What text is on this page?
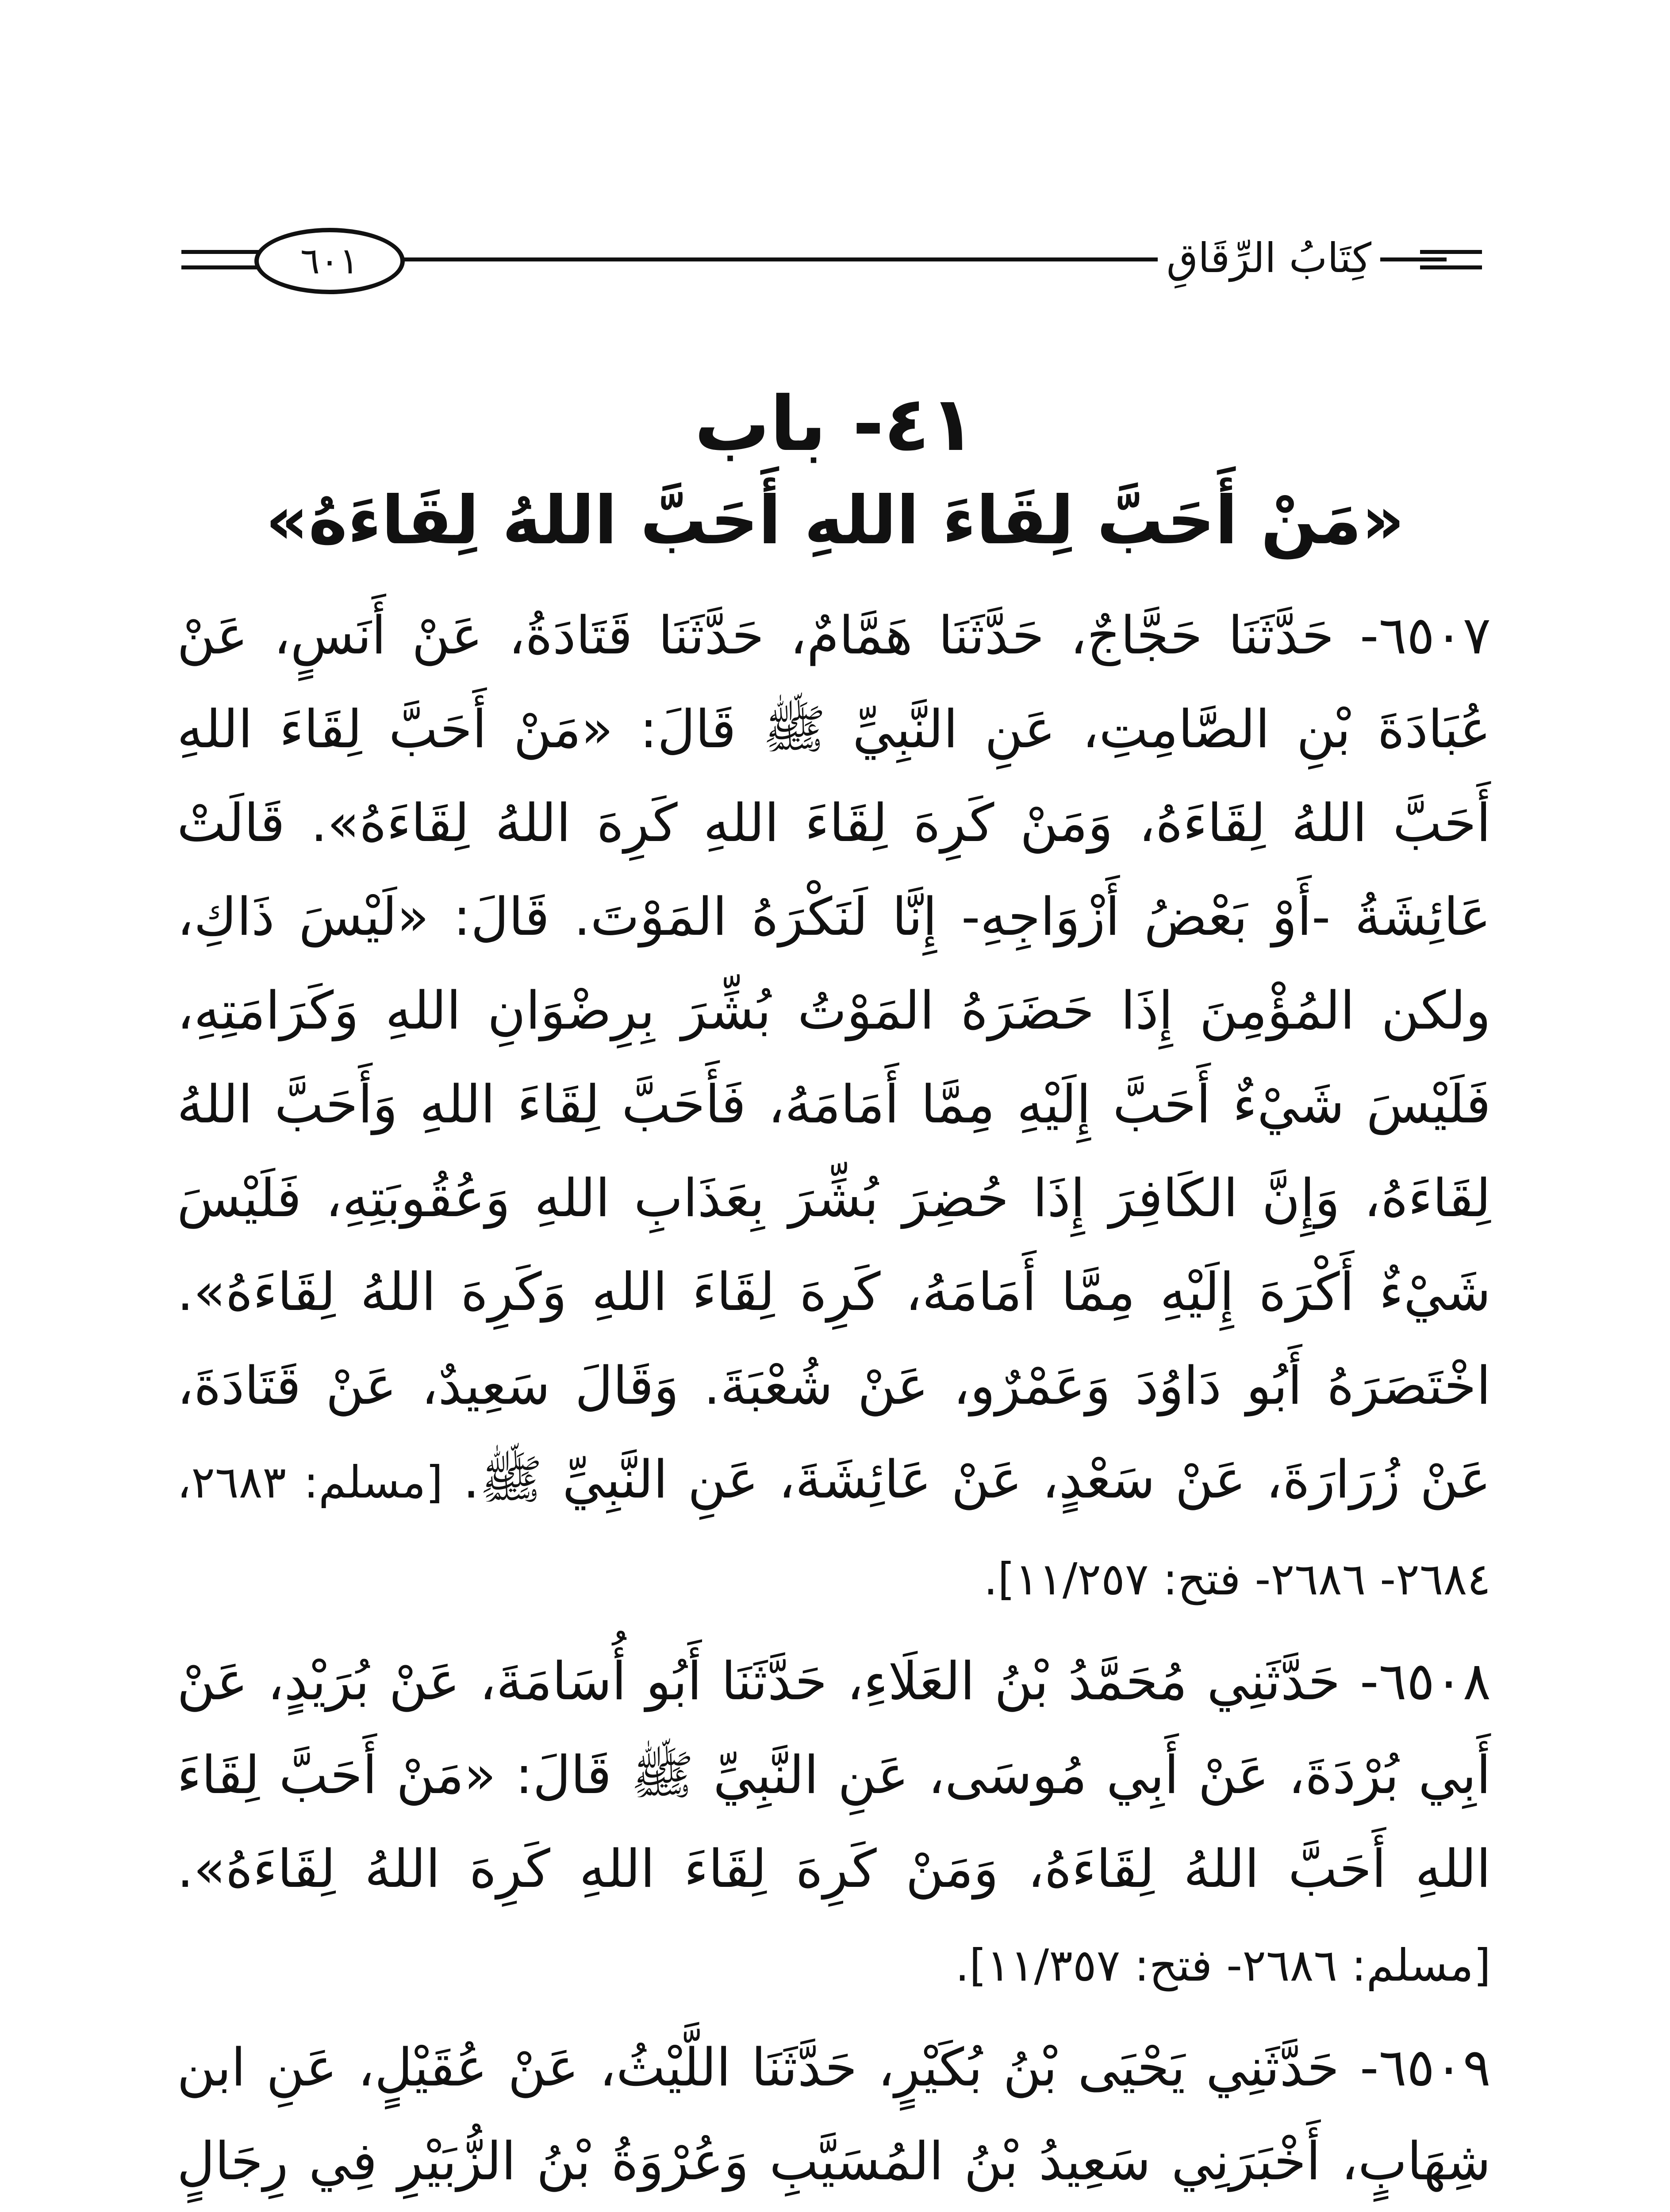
٦٠١	كِتَابُ الرِّقَاقِ
٤١- باب
«مَنْ أَحَبَّ لِقَاءَ اللهِ أَحَبَّ اللهُ لِقَاءَهُ»

٦٥٠٧- حَدَّثَنَا حَجَّاجٌ، حَدَّثَنَا هَمَّامٌ، حَدَّثَنَا قَتَادَةُ، عَنْ أَنَسٍ، عَنْ عُبَادَةَ بْنِ الصَّامِتِ، عَنِ النَّبِيِّ ﷺ قَالَ: «مَنْ أَحَبَّ لِقَاءَ اللهِ أَحَبَّ اللهُ لِقَاءَهُ، وَمَنْ كَرِهَ لِقَاءَ اللهِ كَرِهَ اللهُ لِقَاءَهُ». قَالَتْ عَائِشَةُ -أَوْ بَعْضُ أَزْوَاجِهِ- إِنَّا لَنَكْرَهُ المَوْتَ. قَالَ: «لَيْسَ ذَاكِ، ولكن المُؤْمِنَ إِذَا حَضَرَهُ المَوْتُ بُشِّرَ بِرِضْوَانِ اللهِ وَكَرَامَتِهِ، فَلَيْسَ شَيْءٌ أَحَبَّ إِلَيْهِ مِمَّا أَمَامَهُ، فَأَحَبَّ لِقَاءَ اللهِ وَأَحَبَّ اللهُ لِقَاءَهُ، وَإِنَّ الكَافِرَ إِذَا حُضِرَ بُشِّرَ بِعَذَابِ اللهِ وَعُقُوبَتِهِ، فَلَيْسَ شَيْءٌ أَكْرَهَ إِلَيْهِ مِمَّا أَمَامَهُ، كَرِهَ لِقَاءَ اللهِ وَكَرِهَ اللهُ لِقَاءَهُ». اخْتَصَرَهُ أَبُو دَاوُدَ وَعَمْرٌو، عَنْ شُعْبَةَ. وَقَالَ سَعِيدٌ، عَنْ قَتَادَةَ، عَنْ زُرَارَةَ، عَنْ سَعْدٍ، عَنْ عَائِشَةَ، عَنِ النَّبِيِّ ﷺ. [مسلم: ٢٦٨٣، ٢٦٨٤- ٢٦٨٦- فتح: ١١/٢٥٧].

٦٥٠٨- حَدَّثَنِي مُحَمَّدُ بْنُ العَلَاءِ، حَدَّثَنَا أَبُو أُسَامَةَ، عَنْ بُرَيْدٍ، عَنْ أَبِي بُرْدَةَ، عَنْ أَبِي مُوسَى، عَنِ النَّبِيِّ ﷺ قَالَ: «مَنْ أَحَبَّ لِقَاءَ اللهِ أَحَبَّ اللهُ لِقَاءَهُ، وَمَنْ كَرِهَ لِقَاءَ اللهِ كَرِهَ اللهُ لِقَاءَهُ». [مسلم: ٢٦٨٦- فتح: ١١/٣٥٧].

٦٥٠٩- حَدَّثَنِي يَحْيَى بْنُ بُكَيْرٍ، حَدَّثَنَا اللَّيْثُ، عَنْ عُقَيْلٍ، عَنِ ابن شِهَابٍ، أَخْبَرَنِي سَعِيدُ بْنُ المُسَيَّبِ وَعُرْوَةُ بْنُ الزُّبَيْرِ فِي رِجَالٍ
